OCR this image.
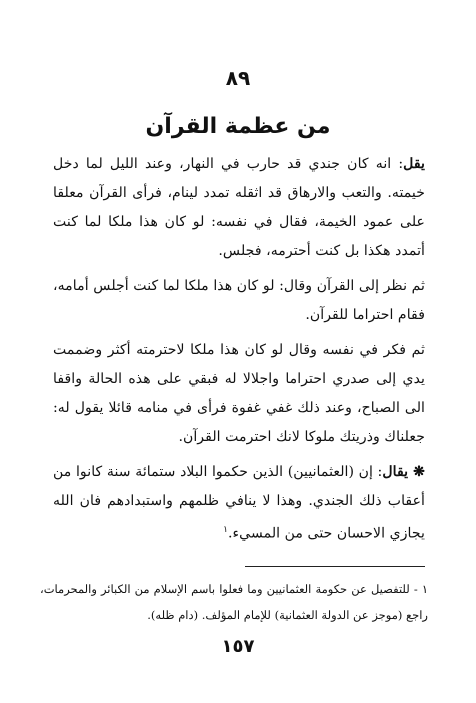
٨٩
من عظمة القرآن

يقل: انه كان جندي قد حارب في النهار، وعند الليل لما دخل خيمته. والتعب والارهاق قد اثقله تمدد لينام، فرأى القرآن معلقا على عمود الخيمة، فقال في نفسه: لو كان هذا ملكا لما كنت أتمدد هكذا بل كنت أحترمه، فجلس.

ثم نظر إلى القرآن وقال: لو كان هذا ملكا لما كنت أجلس أمامه، فقام احتراما للقرآن.

ثم فكر في نفسه وقال لو كان هذا ملكا لاحترمته أكثر وضممت يدي إلى صدري احتراما واجلالا له فبقي على هذه الحالة واقفا الى الصباح، وعند ذلك غفي غفوة فرأى في منامه قائلا يقول له: جعلناك وذريتك ملوكا لانك احترمت القرآن.

❋ يقال: إن (العثمانيين) الذين حكموا البلاد ستمائة سنة كانوا من أعقاب ذلك الجندي. وهذا لا ينافي ظلمهم واستبدادهم فان الله يجازي الاحسان حتى من المسيء.$^١$

١ - للتفصيل عن حكومة العثمانيين وما فعلوا باسم الإسلام من الكبائر والمحرمات، راجع (موجز عن الدولة العثمانية) للإمام المؤلف. (دام ظله).
١٥٧
